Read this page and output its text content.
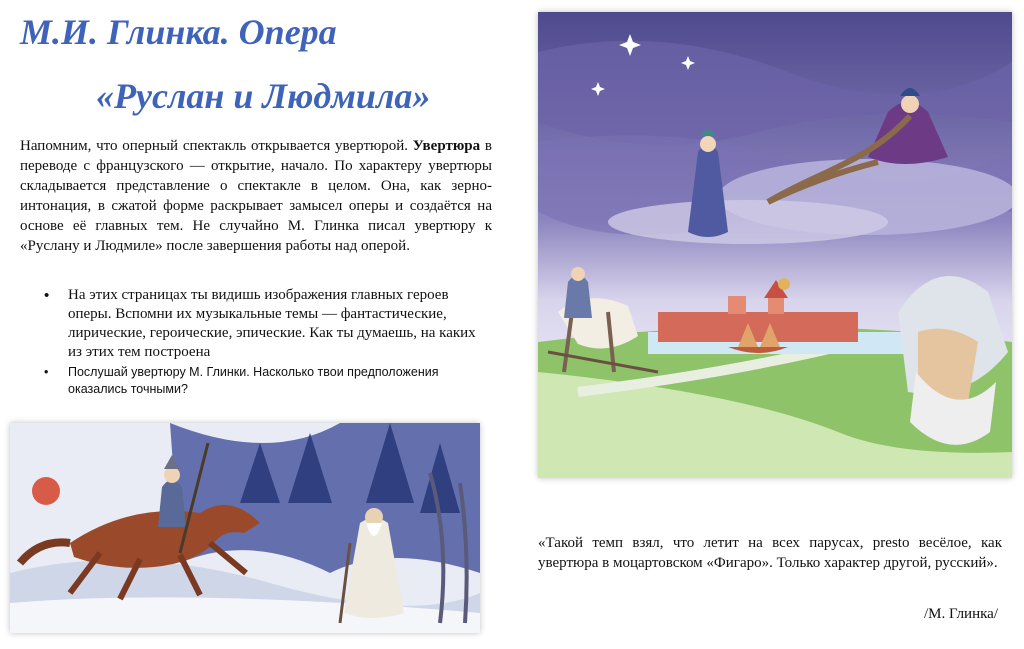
М.И. Глинка. Опера
«Руслан и Людмила»

Напомним, что оперный спектакль открывается увертюрой. Увертюра в переводе с французского — открытие, начало. По характеру увертюры складывается представление о спектакле в целом. Она, как зерно-интонация, в сжатой форме раскрывает замысел оперы и создаётся на основе её главных тем. Не случайно М. Глинка писал увертюру к «Руслану и Людмиле» после завершения работы над оперой.

• На этих страницах ты видишь изображения главных героев оперы. Вспомни их музыкальные темы — фантастические, лирические, героические, эпические. Как ты думаешь, на каких из этих тем построена
• Послушай увертюру М. Глинки. Насколько твои предположения оказались точными?

«Такой темп взял, что летит на всех парусах, presto весёлое, как увертюра в моцартовском «Фигаро». Только характер другой, русский».

/М. Глинка/
